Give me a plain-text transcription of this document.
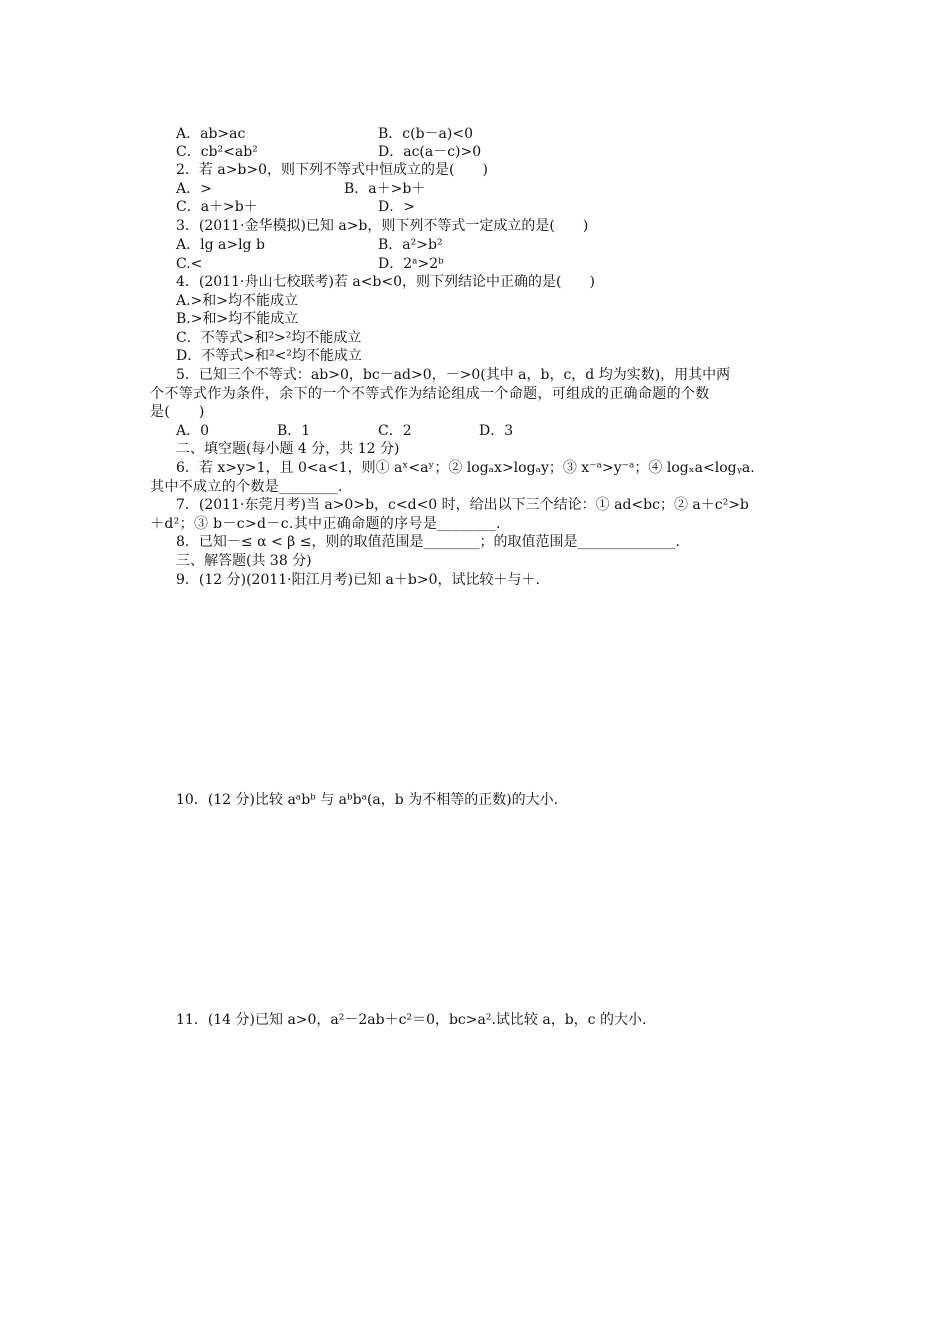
A．ab>ac	B．c(b－a)<0
C．cb²<ab²	D．ac(a－c)>0
2．若 a>b>0，则下列不等式中恒成立的是(　　)
A．>	B．a＋>b＋
C．a＋>b＋	D．>
3．(2011·金华模拟)已知 a>b，则下列不等式一定成立的是(　　)
A．lg a>lg b	B．a²>b²
C.<	D．2ᵃ>2ᵇ
4．(2011·舟山七校联考)若 a<b<0，则下列结论中正确的是(　　)
A.>和>均不能成立
B.>和>均不能成立
C．不等式>和²>²均不能成立
D．不等式>和²<²均不能成立
5．已知三个不等式：ab>0，bc－ad>0，－>0(其中 a，b，c，d 均为实数)，用其中两
个不等式作为条件，余下的一个不等式作为结论组成一个命题，可组成的正确命题的个数
是(　　)
A．0	B．1	C．2	D．3
二、填空题(每小题 4 分，共 12 分)
6．若 x>y>1，且 0<a<1，则① aˣ<aʸ；② logₐx>logₐy；③ x⁻ᵃ>y⁻ᵃ；④ logₓa<logᵧa.
其中不成立的个数是________.
7．(2011·东莞月考)当 a>0>b，c<d<0 时，给出以下三个结论：① ad<bc；② a＋c²>b
＋d²；③ b－c>d－c.其中正确命题的序号是________.
8．已知－≤ α < β ≤，则的取值范围是________；的取值范围是______________.
三、解答题(共 38 分)
9．(12 分)(2011·阳江月考)已知 a＋b>0，试比较＋与＋.
10．(12 分)比较 aᵃbᵇ 与 aᵇbᵃ(a，b 为不相等的正数)的大小.
11．(14 分)已知 a>0，a²－2ab＋c²＝0，bc>a².试比较 a，b，c 的大小.
